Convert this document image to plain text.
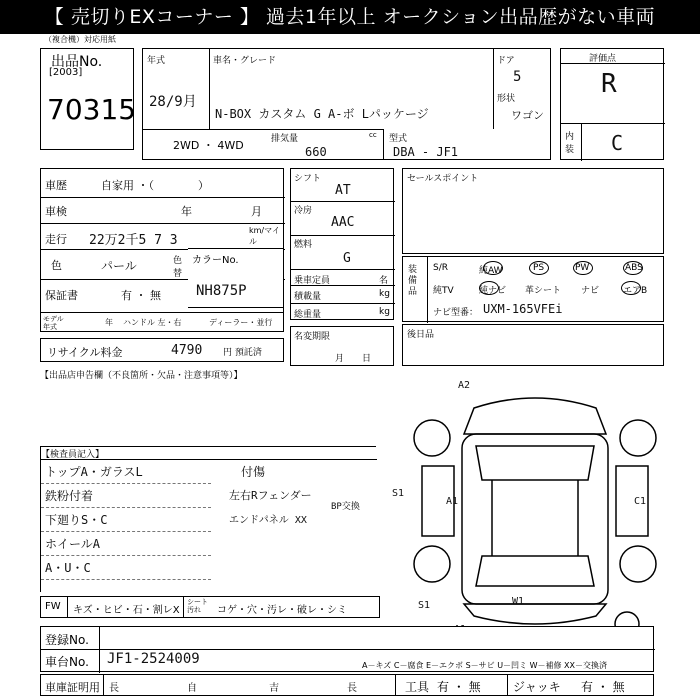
【 売切りEXコーナー 】 過去1年以上 オークション出品歴がない車両
（複合機）対応用紙
出品No.
[2003]
70315
年式
28/9月
車名・グレード
N-BOX カスタム G A-ボ Lパッケージ
ドア
5
形状
ワゴン
2WD ・ 4WD	排気量	cc
660
型式
DBA - JF1
評価点
R
内装 C
車歴	自家用 ・（　　　　）
車検	年	月
走行 22万2千5 7 3
km/マイル
色	パール	色替
保証書	有 ・ 無
カラーNo.
NH875P
モデル年式	年 ハンドル 左・右	ディーラー・並行
リサイクル料金	4790 円 預託済
シフト
AT
冷房
AAC
燃料
G
乗車定員	名
積載量	kg
総重量	kg
名変期限
月　　日
セールスポイント
装備品
S/R	純AW	PS	PW	ABS
純TV	純ナビ 革シート ナビ	エアB
ナビ型番： UXM-165VFEi
後日品
【出品店申告欄（不良箇所・欠品・注意事項等）】
【検査員記入】
トップA・ガラスL
鉄粉付着
下廻りS・C
ホイールA
A・U・C
付傷
左右Rフェンダー
エンドパネル XX
BP交換
A2
S1
A1	C1
S1	W1
FW キズ・ヒビ・石・割レX
シート汚れ	コゲ・穴・汚レ・破レ・シミ
登録No.
車台No. JF1-2524009	A－キズ C－腐食 E－エクボ S－サビ U－凹ミ W－補修 XX－交換済
車庫証明用 長	自	吉	長	工具 有 ・ 無	ジャッキ 有 ・ 無
